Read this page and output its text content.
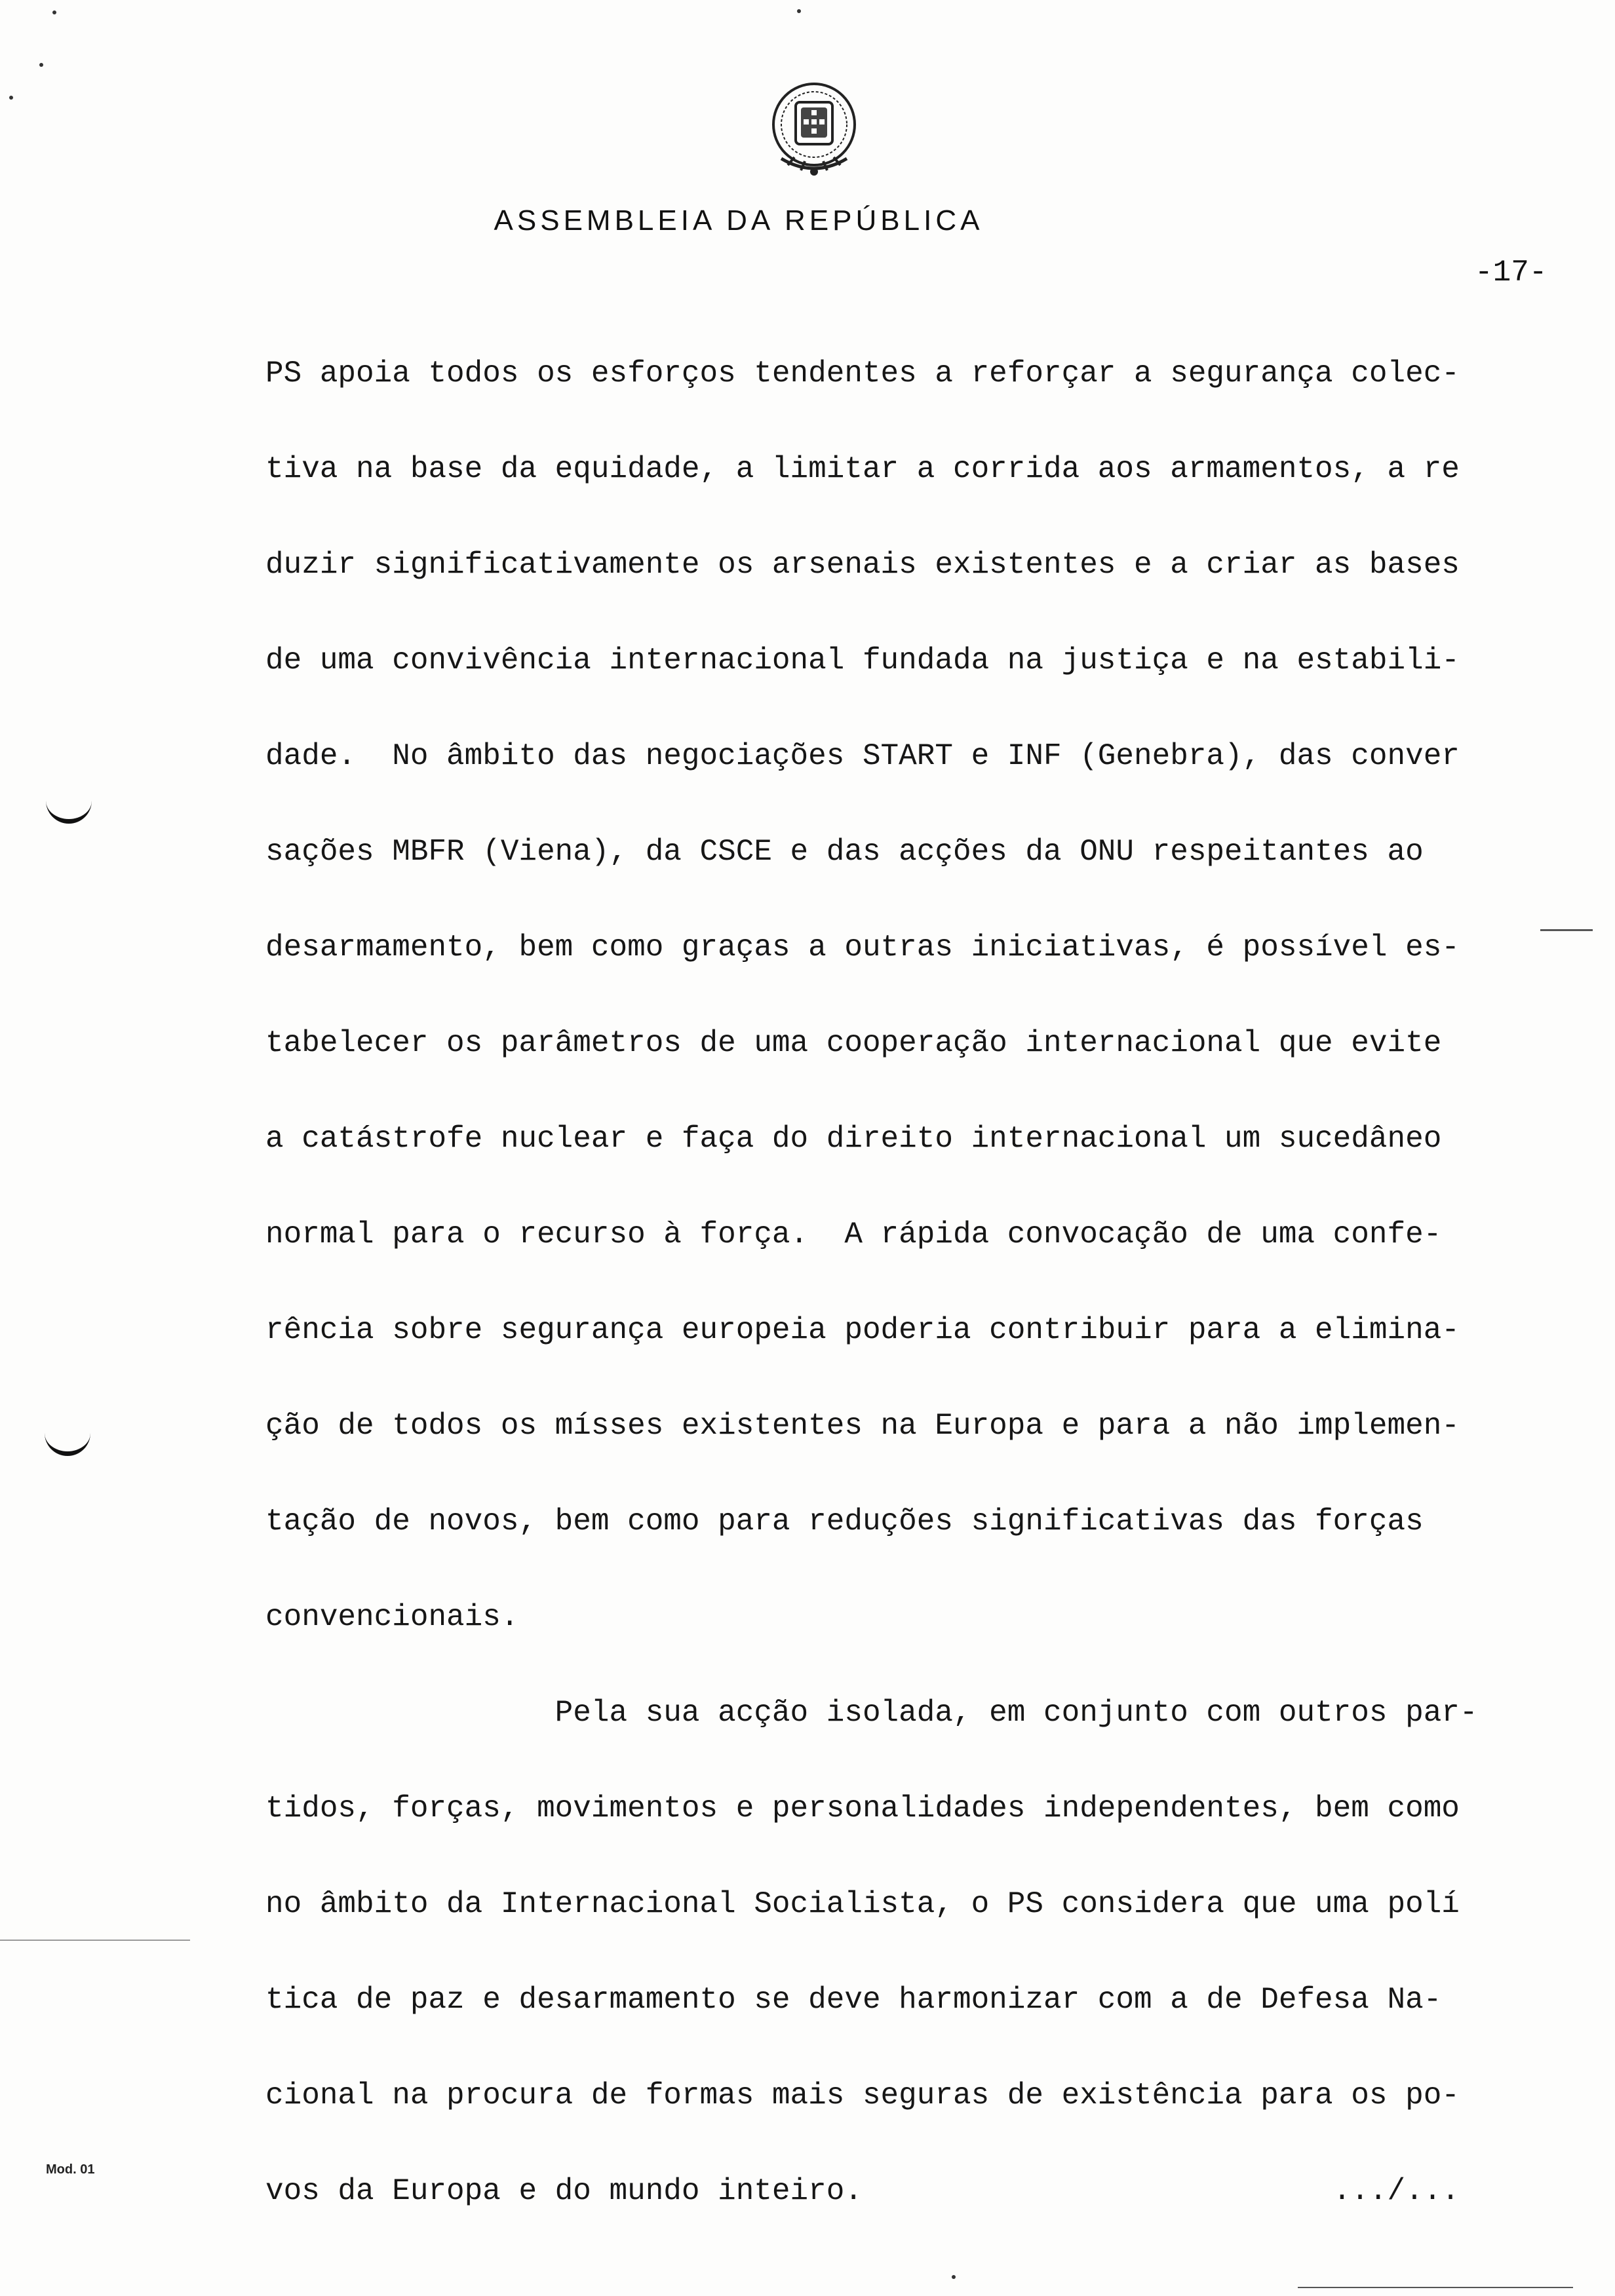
ASSEMBLEIA DA REPÚBLICA
-17-
PS apoia todos os esforços tendentes a reforçar a segurança colec-
tiva na base da equidade, a limitar a corrida aos armamentos, a re
duzir significativamente os arsenais existentes e a criar as bases
de uma convivência internacional fundada na justiça e na estabili-
dade.  No âmbito das negociações START e INF (Genebra), das conver
sações MBFR (Viena), da CSCE e das acções da ONU respeitantes ao
desarmamento, bem como graças a outras iniciativas, é possível es-
tabelecer os parâmetros de uma cooperação internacional que evite
a catástrofe nuclear e faça do direito internacional um sucedâneo
normal para o recurso à força.  A rápida convocação de uma confe-
rência sobre segurança europeia poderia contribuir para a elimina-
ção de todos os mísses existentes na Europa e para a não implemen-
tação de novos, bem como para reduções significativas das forças
convencionais.
Pela sua acção isolada, em conjunto com outros par-
tidos, forças, movimentos e personalidades independentes, bem como
no âmbito da Internacional Socialista, o PS considera que uma polí
tica de paz e desarmamento se deve harmonizar com a de Defesa Na-
cional na procura de formas mais seguras de existência para os po-
vos da Europa e do mundo inteiro.                          .../...
Mod. 01
